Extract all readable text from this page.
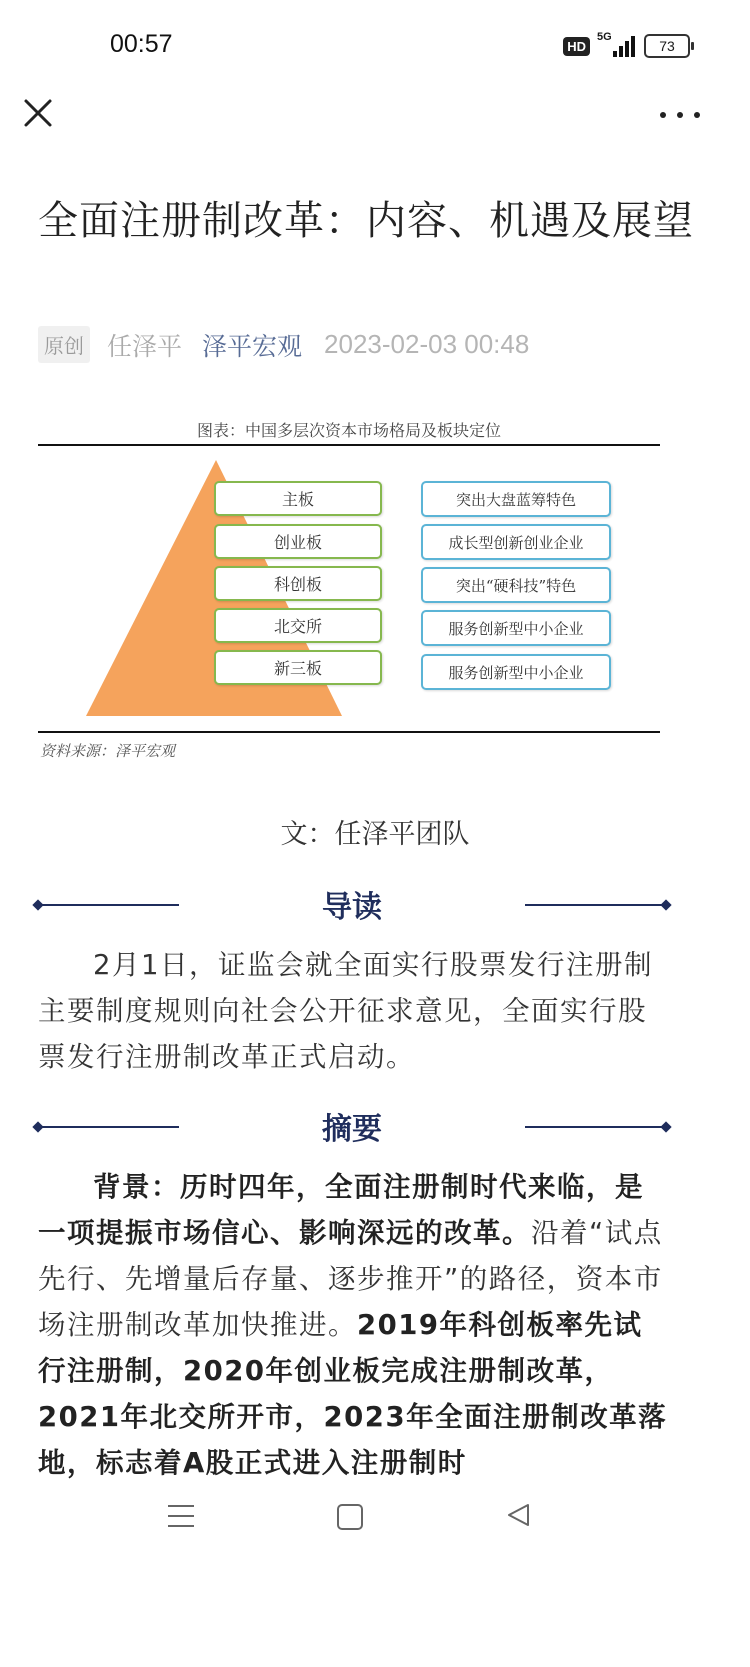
00:57	HD
5G
73
全面注册制改革：内容、机遇及展望
原创 任泽平 泽平宏观 2023-02-03 00:48
图表：中国多层次资本市场格局及板块定位
主板
创业板
科创板
北交所
新三板
突出大盘蓝筹特色
成长型创新创业企业
突出“硬科技”特色
服务创新型中小企业
服务创新型中小企业
资料来源：泽平宏观
文：任泽平团队
导读

2月1日，证监会就全面实行股票发行注册制主要制度规则向社会公开征求意见，全面实行股票发行注册制改革正式启动。

摘要

背景：历时四年，全面注册制时代来临，是一项提振市场信心、影响深远的改革。沿着“试点先行、先增量后存量、逐步推开”的路径，资本市场注册制改革加快推进。2019年科创板率先试行注册制，2020年创业板完成注册制改革，2021年北交所开市，2023年全面注册制改革落地，标志着A股正式进入注册制时
